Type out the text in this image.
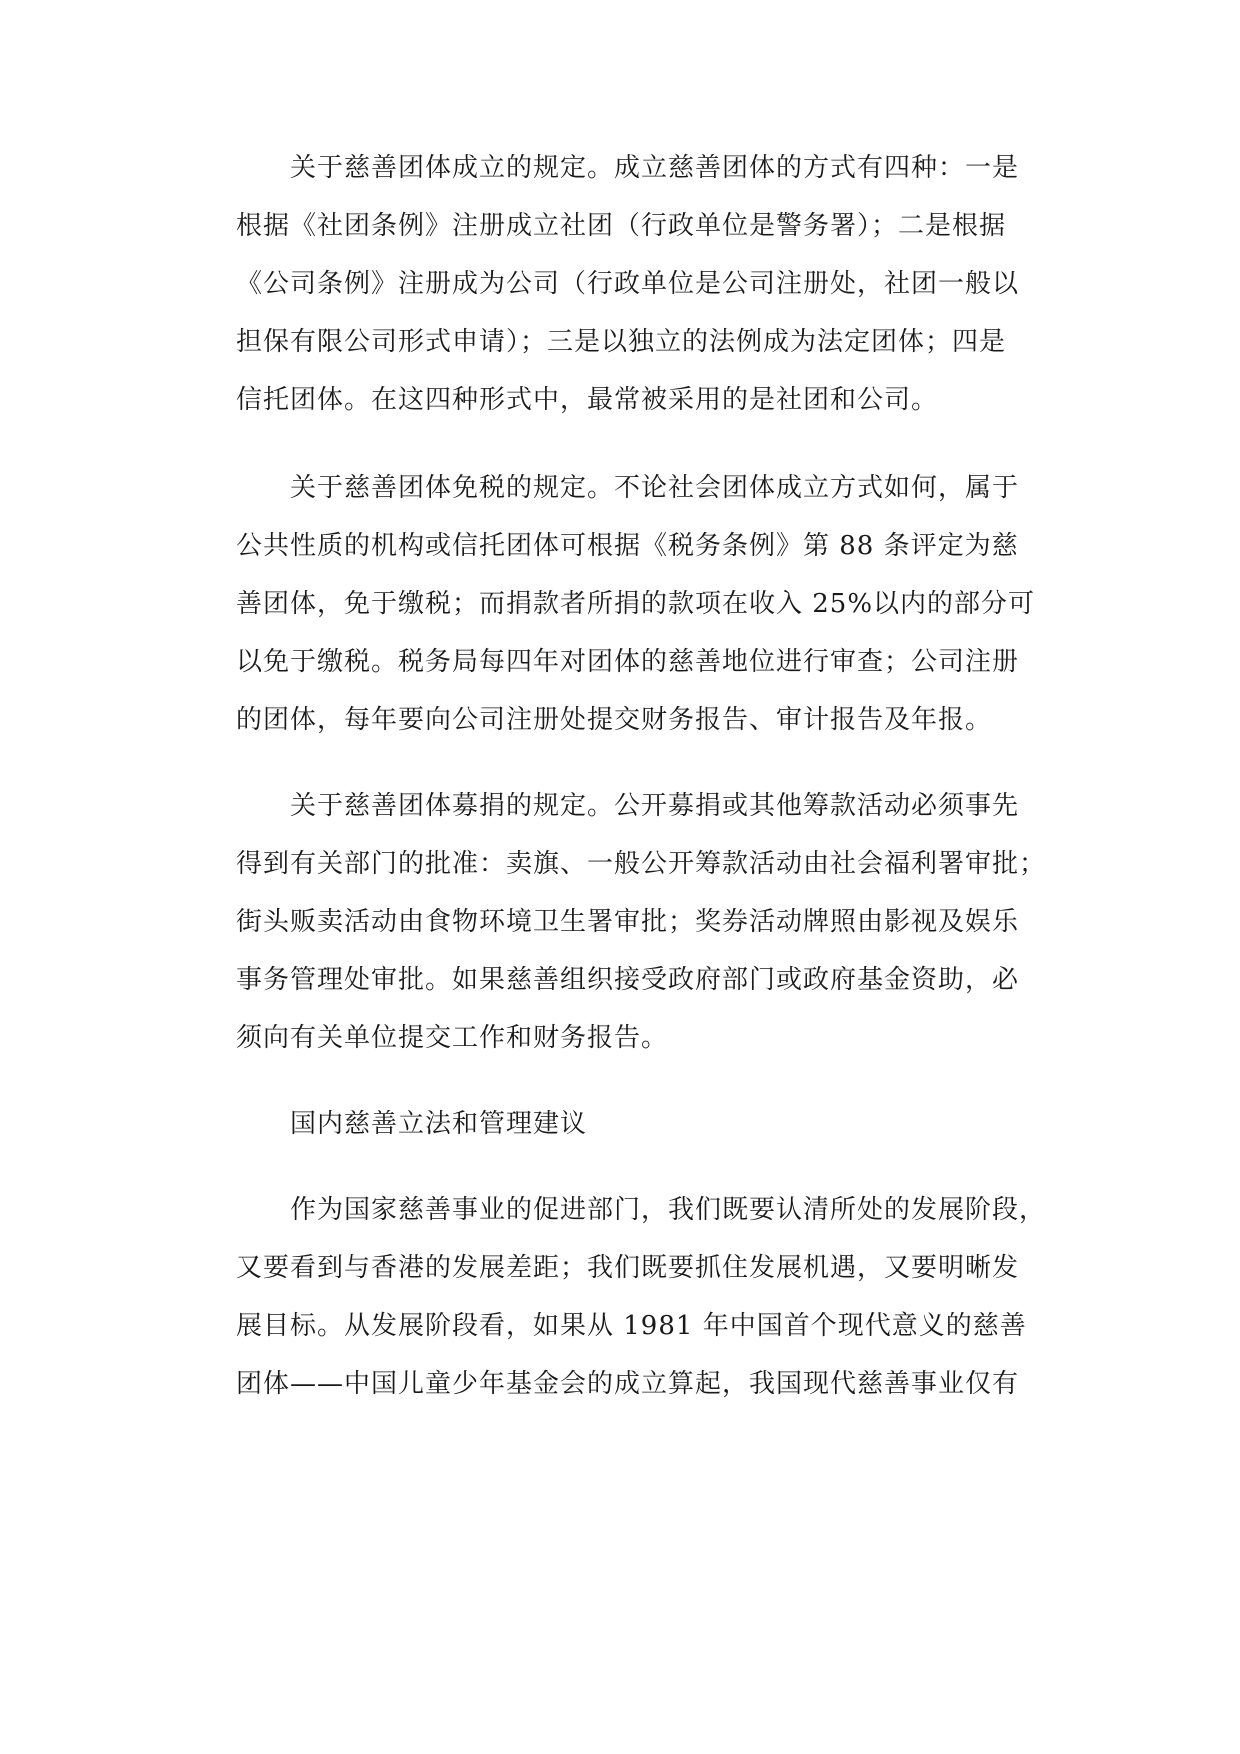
关于慈善团体成立的规定。成立慈善团体的方式有四种：一是
根据《社团条例》注册成立社团（行政单位是警务署）；二是根据
《公司条例》注册成为公司（行政单位是公司注册处，社团一般以
担保有限公司形式申请）；三是以独立的法例成为法定团体；四是
信托团体。在这四种形式中，最常被采用的是社团和公司。
关于慈善团体免税的规定。不论社会团体成立方式如何，属于
公共性质的机构或信托团体可根据《税务条例》第 88 条评定为慈
善团体，免于缴税；而捐款者所捐的款项在收入 25%以内的部分可
以免于缴税。税务局每四年对团体的慈善地位进行审查；公司注册
的团体，每年要向公司注册处提交财务报告、审计报告及年报。
关于慈善团体募捐的规定。公开募捐或其他筹款活动必须事先
得到有关部门的批准：卖旗、一般公开筹款活动由社会福利署审批；
街头贩卖活动由食物环境卫生署审批；奖券活动牌照由影视及娱乐
事务管理处审批。如果慈善组织接受政府部门或政府基金资助，必
须向有关单位提交工作和财务报告。
国内慈善立法和管理建议
作为国家慈善事业的促进部门，我们既要认清所处的发展阶段，
又要看到与香港的发展差距；我们既要抓住发展机遇，又要明晰发
展目标。从发展阶段看，如果从 1981 年中国首个现代意义的慈善
团体——中国儿童少年基金会的成立算起，我国现代慈善事业仅有
